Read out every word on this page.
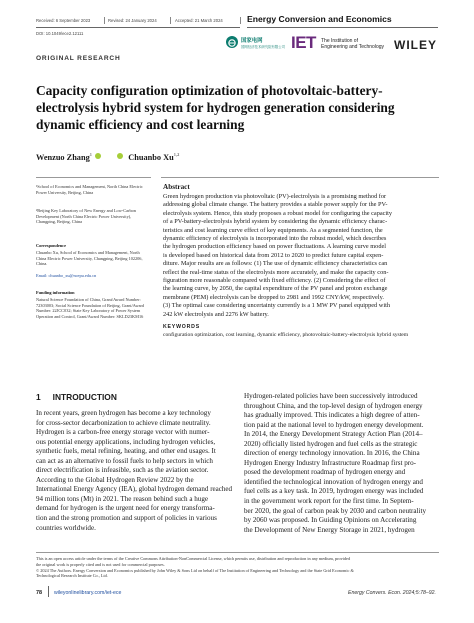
Received: 6 September 2023	Revised: 24 January 2024	Accepted: 21 March 2024	Energy Conversion and Economics
DOI: 10.1049/ece2.12111
国家电网
国网经济技术研究院有限公司 IET The Institution of
Engineering and Technology WILEY
ORIGINAL RESEARCH
Capacity configuration optimization of photovoltaic-battery-
electrolysis hybrid system for hydrogen generation considering
dynamic efficiency and cost learning
Wenzuo Zhang$^1$	Chuanbo Xu$^{1,2}$
¹School of Economics and Management, North China Electric Power University, Beijing, China
²Beijing Key Laboratory of New Energy and Low-Carbon Development (North China Electric Power University), Changping, Beijing, China
Correspondence
Chuanbo Xu, School of Economics and Management, North China Electric Power University, Changping, Beijing 102206, China.
Email: chuanbo_xu@ncepu.edu.cn
Funding information
Natural Science Foundation of China, Grant/Award Number: 72303003; Social Science Foundation of Beijing, Grant/Award Number: 22JCC032; State Key Laboratory of Power System Operation and Control, Grant/Award Number: SKLD23KM16
Abstract
Green hydrogen production via photovoltaic (PV)-electrolysis is a promising method for
addressing global climate change. The battery provides a stable power supply for the PV-
electrolysis system. Hence, this study proposes a robust model for configuring the capacity
of a PV-battery-electrolysis hybrid system by considering the dynamic efficiency charac-
teristics and cost learning curve effect of key equipments. As a segmented function, the
dynamic efficiency of electrolysis is incorporated into the robust model, which describes
the hydrogen production efficiency based on power fluctuations. A learning curve model
is developed based on historical data from 2012 to 2020 to predict future capital expen-
diture. Major results are as follows: (1) The use of dynamic efficiency characteristics can
reflect the real-time status of the electrolysis more accurately, and make the capacity con-
figuration more reasonable compared with fixed efficiency. (2) Considering the effect of
the learning curve, by 2050, the capital expenditure of the PV panel and proton exchange
membrane (PEM) electrolysis can be dropped to 2981 and 1992 CNY/kW, respectively.
(3) The optimal case considering uncertainty currently is a 1 MW PV panel equipped with
242 kW electrolysis and 2276 kW battery.
KEYWORDS
configuration optimization, cost learning, dynamic efficiency, photovoltaic-battery-electrolysis hybrid system
1 INTRODUCTION
In recent years, green hydrogen has become a key technology
for cross-sector decarbonization to achieve climate neutrality.
Hydrogen is a carbon-free energy storage vector with numer-
ous potential energy applications, including hydrogen vehicles,
synthetic fuels, metal refining, heating, and other end usages. It
can act as an alternative to fossil fuels to help sectors in which
direct electrification is infeasible, such as the aviation sector.
According to the Global Hydrogen Review 2022 by the
International Energy Agency (IEA), global hydrogen demand reached
94 million tons (Mt) in 2021. The reason behind such a huge
demand for hydrogen is the urgent need for energy transforma-
tion and the strong promotion and support of policies in various
countries worldwide.
Hydrogen-related policies have been successively introduced
throughout China, and the top-level design of hydrogen energy
has gradually improved. This indicates a high degree of atten-
tion paid at the national level to hydrogen energy development.
In 2014, the Energy Development Strategy Action Plan (2014–
2020) officially listed hydrogen and fuel cells as the strategic
direction of energy technology innovation. In 2016, the China
Hydrogen Energy Industry Infrastructure Roadmap first pro-
posed the development roadmap of hydrogen energy and
identified the technological innovation of hydrogen energy and
fuel cells as a key task. In 2019, hydrogen energy was included
in the government work report for the first time. In Septem-
ber 2020, the goal of carbon peak by 2030 and carbon neutrality
by 2060 was proposed. In Guiding Opinions on Accelerating
the Development of New Energy Storage in 2021, hydrogen
This is an open access article under the terms of the Creative Commons Attribution-NonCommercial License, which permits use, distribution and reproduction in any medium, provided
the original work is properly cited and is not used for commercial purposes.
© 2024 The Authors. Energy Conversion and Economics published by John Wiley & Sons Ltd on behalf of The Institution of Engineering and Technology and the State Grid Economic &
Technological Research Institute Co., Ltd.
78 wileyonlinelibrary.com/iet-ece	Energy Convers. Econ. 2024;5:78–92.
